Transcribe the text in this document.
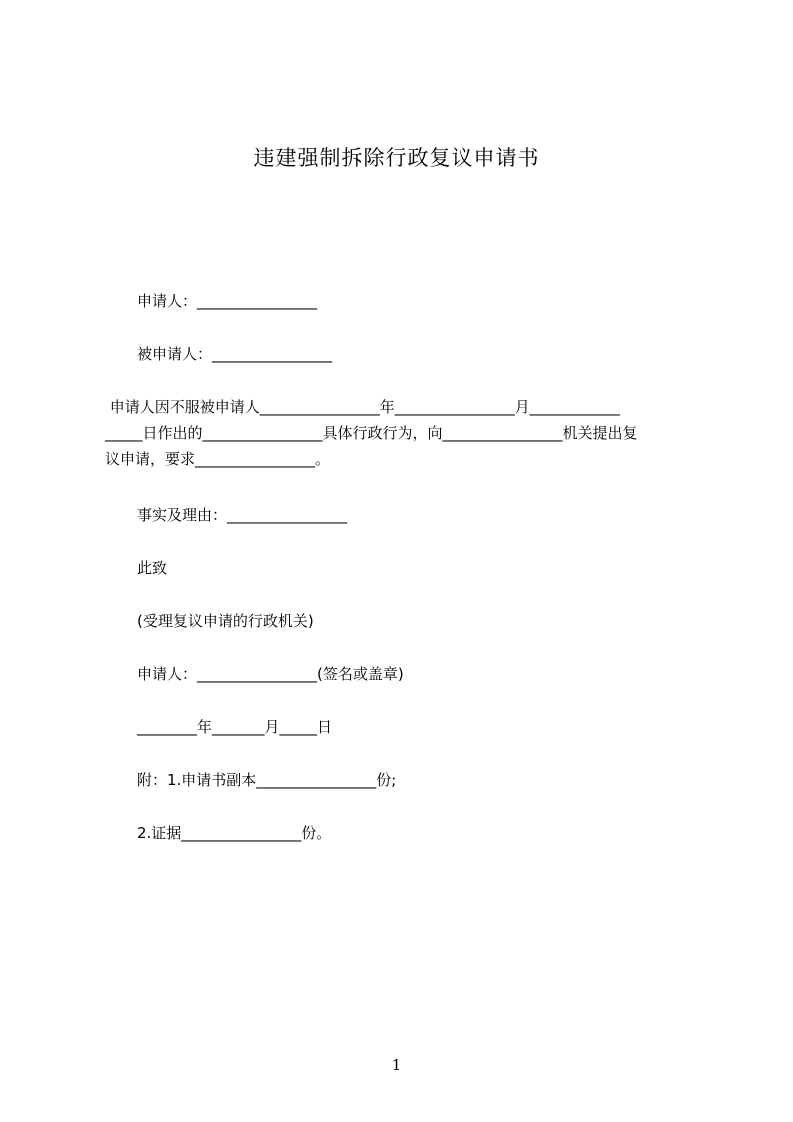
违建强制拆除行政复议申请书
申请人：________________
被申请人：________________
申请人因不服被申请人________________年________________月____________
_____日作出的________________具体行政行为，向________________机关提出复
议申请，要求________________。
事实及理由：________________
此致
(受理复议申请的行政机关)
申请人：________________(签名或盖章)
________年_______月_____日
附：1.申请书副本________________份;
2.证据________________份。
1
